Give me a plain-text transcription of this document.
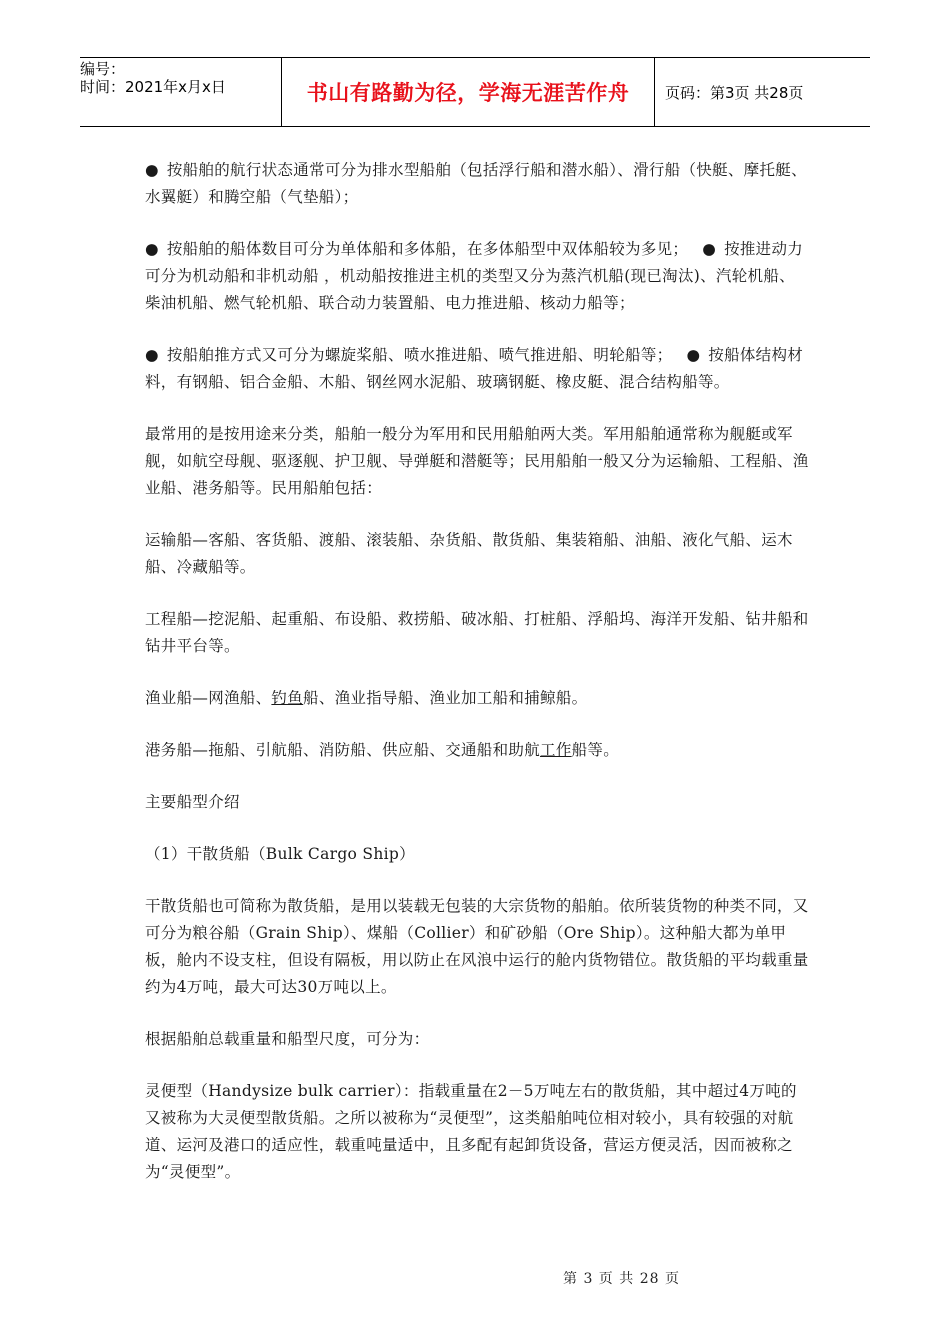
编号：
时间：2021年x月x日	书山有路勤为径，学海无涯苦作舟	页码：第3页 共28页

● 按船舶的航行状态通常可分为排水型船舶（包括浮行船和潜水船）、滑行船（快艇、摩托艇、水翼艇）和腾空船（气垫船）；

● 按船舶的船体数目可分为单体船和多体船，在多体船型中双体船较为多见； ● 按推进动力可分为机动船和非机动船 ，机动船按推进主机的类型又分为蒸汽机船(现已淘汰)、汽轮机船、柴油机船、燃气轮机船、联合动力装置船、电力推进船、核动力船等；

● 按船舶推方式又可分为螺旋桨船、喷水推进船、喷气推进船、明轮船等； ● 按船体结构材料，有钢船、铝合金船、木船、钢丝网水泥船、玻璃钢艇、橡皮艇、混合结构船等。

最常用的是按用途来分类，船舶一般分为军用和民用船舶两大类。军用船舶通常称为舰艇或军舰，如航空母舰、驱逐舰、护卫舰、导弹艇和潜艇等；民用船舶一般又分为运输船、工程船、渔业船、港务船等。民用船舶包括：

运输船—客船、客货船、渡船、滚装船、杂货船、散货船、集装箱船、油船、液化气船、运木船、冷藏船等。

工程船—挖泥船、起重船、布设船、救捞船、破冰船、打桩船、浮船坞、海洋开发船、钻井船和钻井平台等。

渔业船—网渔船、钓鱼船、渔业指导船、渔业加工船和捕鲸船。

港务船—拖船、引航船、消防船、供应船、交通船和助航工作船等。

主要船型介绍

（1）干散货船（Bulk Cargo Ship）

干散货船也可简称为散货船，是用以装载无包装的大宗货物的船舶。依所装货物的种类不同，又可分为粮谷船（Grain Ship）、煤船（Collier）和矿砂船（Ore Ship）。这种船大都为单甲板，舱内不设支柱，但设有隔板，用以防止在风浪中运行的舱内货物错位。散货船的平均载重量约为4万吨，最大可达30万吨以上。

根据船舶总载重量和船型尺度，可分为：

灵便型（Handysize bulk carrier）：指载重量在2－5万吨左右的散货船，其中超过4万吨的又被称为大灵便型散货船。之所以被称为“灵便型”，这类船舶吨位相对较小，具有较强的对航道、运河及港口的适应性，载重吨量适中，且多配有起卸货设备，营运方便灵活，因而被称之为“灵便型”。

第 3 页 共 28 页
